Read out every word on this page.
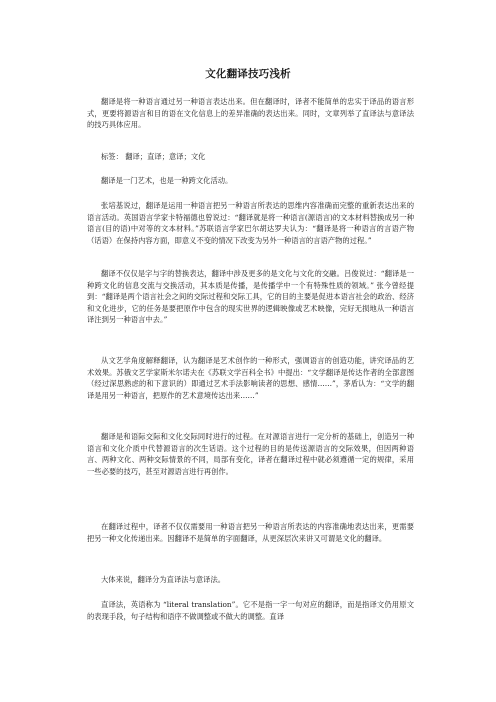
文化翻译技巧浅析

翻译是将一种语言通过另一种语言表达出来。但在翻译时，译者不能简单的忠实于译品的语言形式，更要将源语言和目的语在文化信息上的差异准确的表达出来。同时，文章列举了直译法与意译法的技巧具体应用。

标签： 翻译；直译；意译；文化

翻译是一门艺术，也是一种跨文化活动。

张培基说过，翻译是运用一种语言把另一种语言所表达的思维内容准确而完整的重新表达出来的语言活动。英国语言学家卡特福德也曾说过：“翻译就是将一种语言(源语言)的文本材料替换成另一种语言(目的语)中对等的文本材料。”苏联语言学家巴尔胡达罗夫认为：“翻译是将一种语言的言语产物（话语）在保持内容方面，即意义不变的情况下改变为另外一种语言的言语产物的过程。”

翻译不仅仅是字与字的替换表达，翻译中涉及更多的是文化与文化的交融。吕俊说过：“翻译是一种跨文化的信息交流与交换活动，其本质是传播，是传播学中一个有特殊性质的领域。” 张今曾经提到：“翻译是两个语言社会之间的交际过程和交际工具，它的目的主要是促进本语言社会的政治、经济和文化进步，它的任务是要把原作中包含的现实世界的逻辑映像或艺术映像，完好无损地从一种语言译注到另一种语言中去。”

从文艺学角度解释翻译，认为翻译是艺术创作的一种形式，强调语言的创造功能，讲究译品的艺术效果。苏俄文艺学家斯米尔诺夫在《苏联文学百科全书》中提出：“文学翻译是传达作者的全部意图（经过深思熟虑的和下意识的）即通过艺术手法影响读者的思想、感情……”，茅盾认为：“文学的翻译是用另一种语言，把原作的艺术意境传达出来……”

翻译是和语际交际和文化交际同时进行的过程。在对源语言进行一定分析的基础上，创造另一种语言和文化介质中代替源语言的次生话语。这个过程的目的是传送源语言的交际效果，但因两种语言、两种文化、两种交际情景的不同，局部有变化，译者在翻译过程中就必须遵循一定的规律，采用一些必要的技巧，甚至对源语言进行再创作。

在翻译过程中，译者不仅仅需要用一种语言把另一种语言所表达的内容准确地表达出来，更需要把另一种文化传递出来。因翻译不是简单的字面翻译，从更深层次来讲又可谓是文化的翻译。

大体来说，翻译分为直译法与意译法。

直译法，英语称为 “literal translation”。它不是指一字一句对应的翻译，而是指译文仍用原文的表现手段，句子结构和语序不做调整或不做大的调整。直译
